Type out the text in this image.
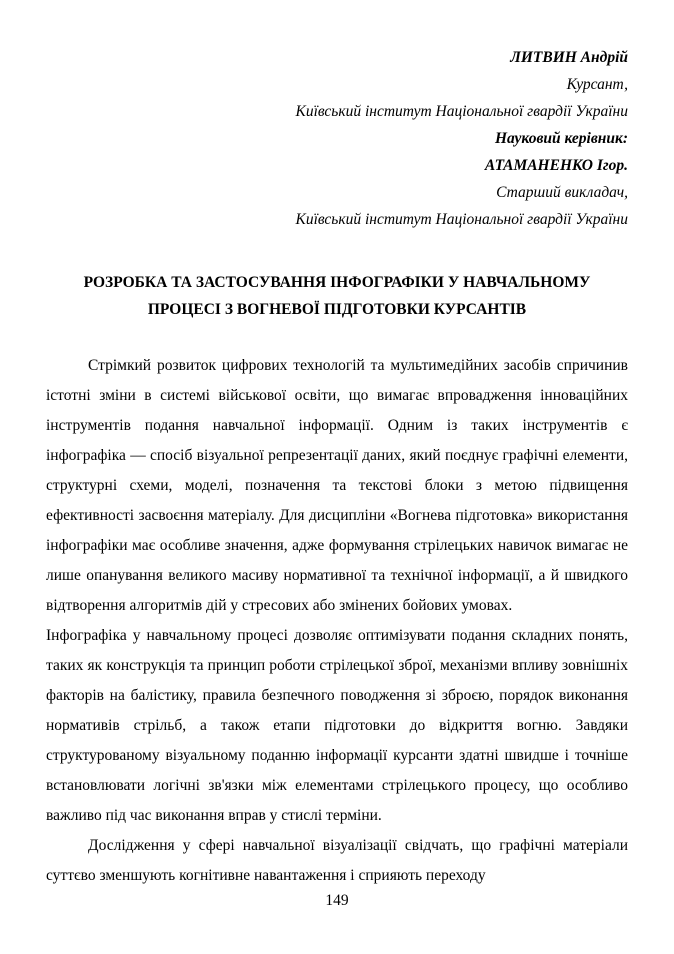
ЛИТВИН Андрій
Курсант,
Київський інститут Національної гвардії України
Науковий керівник:
АТАМАНЕНКО Ігор.
Старший викладач,
Київський інститут Національної гвардії України
РОЗРОБКА ТА ЗАСТОСУВАННЯ ІНФОГРАФІКИ У НАВЧАЛЬНОМУ
ПРОЦЕСІ З ВОГНЕВОЇ ПІДГОТОВКИ КУРСАНТІВ

Стрімкий розвиток цифрових технологій та мультимедійних засобів спричинив істотні зміни в системі військової освіти, що вимагає впровадження інноваційних інструментів подання навчальної інформації. Одним із таких інструментів є інфографіка — спосіб візуальної репрезентації даних, який поєднує графічні елементи, структурні схеми, моделі, позначення та текстові блоки з метою підвищення ефективності засвоєння матеріалу. Для дисципліни «Вогнева підготовка» використання інфографіки має особливе значення, адже формування стрілецьких навичок вимагає не лише опанування великого масиву нормативної та технічної інформації, а й швидкого відтворення алгоритмів дій у стресових або змінених бойових умовах.

Інфографіка у навчальному процесі дозволяє оптимізувати подання складних понять, таких як конструкція та принцип роботи стрілецької зброї, механізми впливу зовнішніх факторів на балістику, правила безпечного поводження зі зброєю, порядок виконання нормативів стрільб, а також етапи підготовки до відкриття вогню. Завдяки структурованому візуальному поданню інформації курсанти здатні швидше і точніше встановлювати логічні зв'язки між елементами стрілецького процесу, що особливо важливо під час виконання вправ у стислі терміни.

Дослідження у сфері навчальної візуалізації свідчать, що графічні матеріали суттєво зменшують когнітивне навантаження і сприяють переходу

149
